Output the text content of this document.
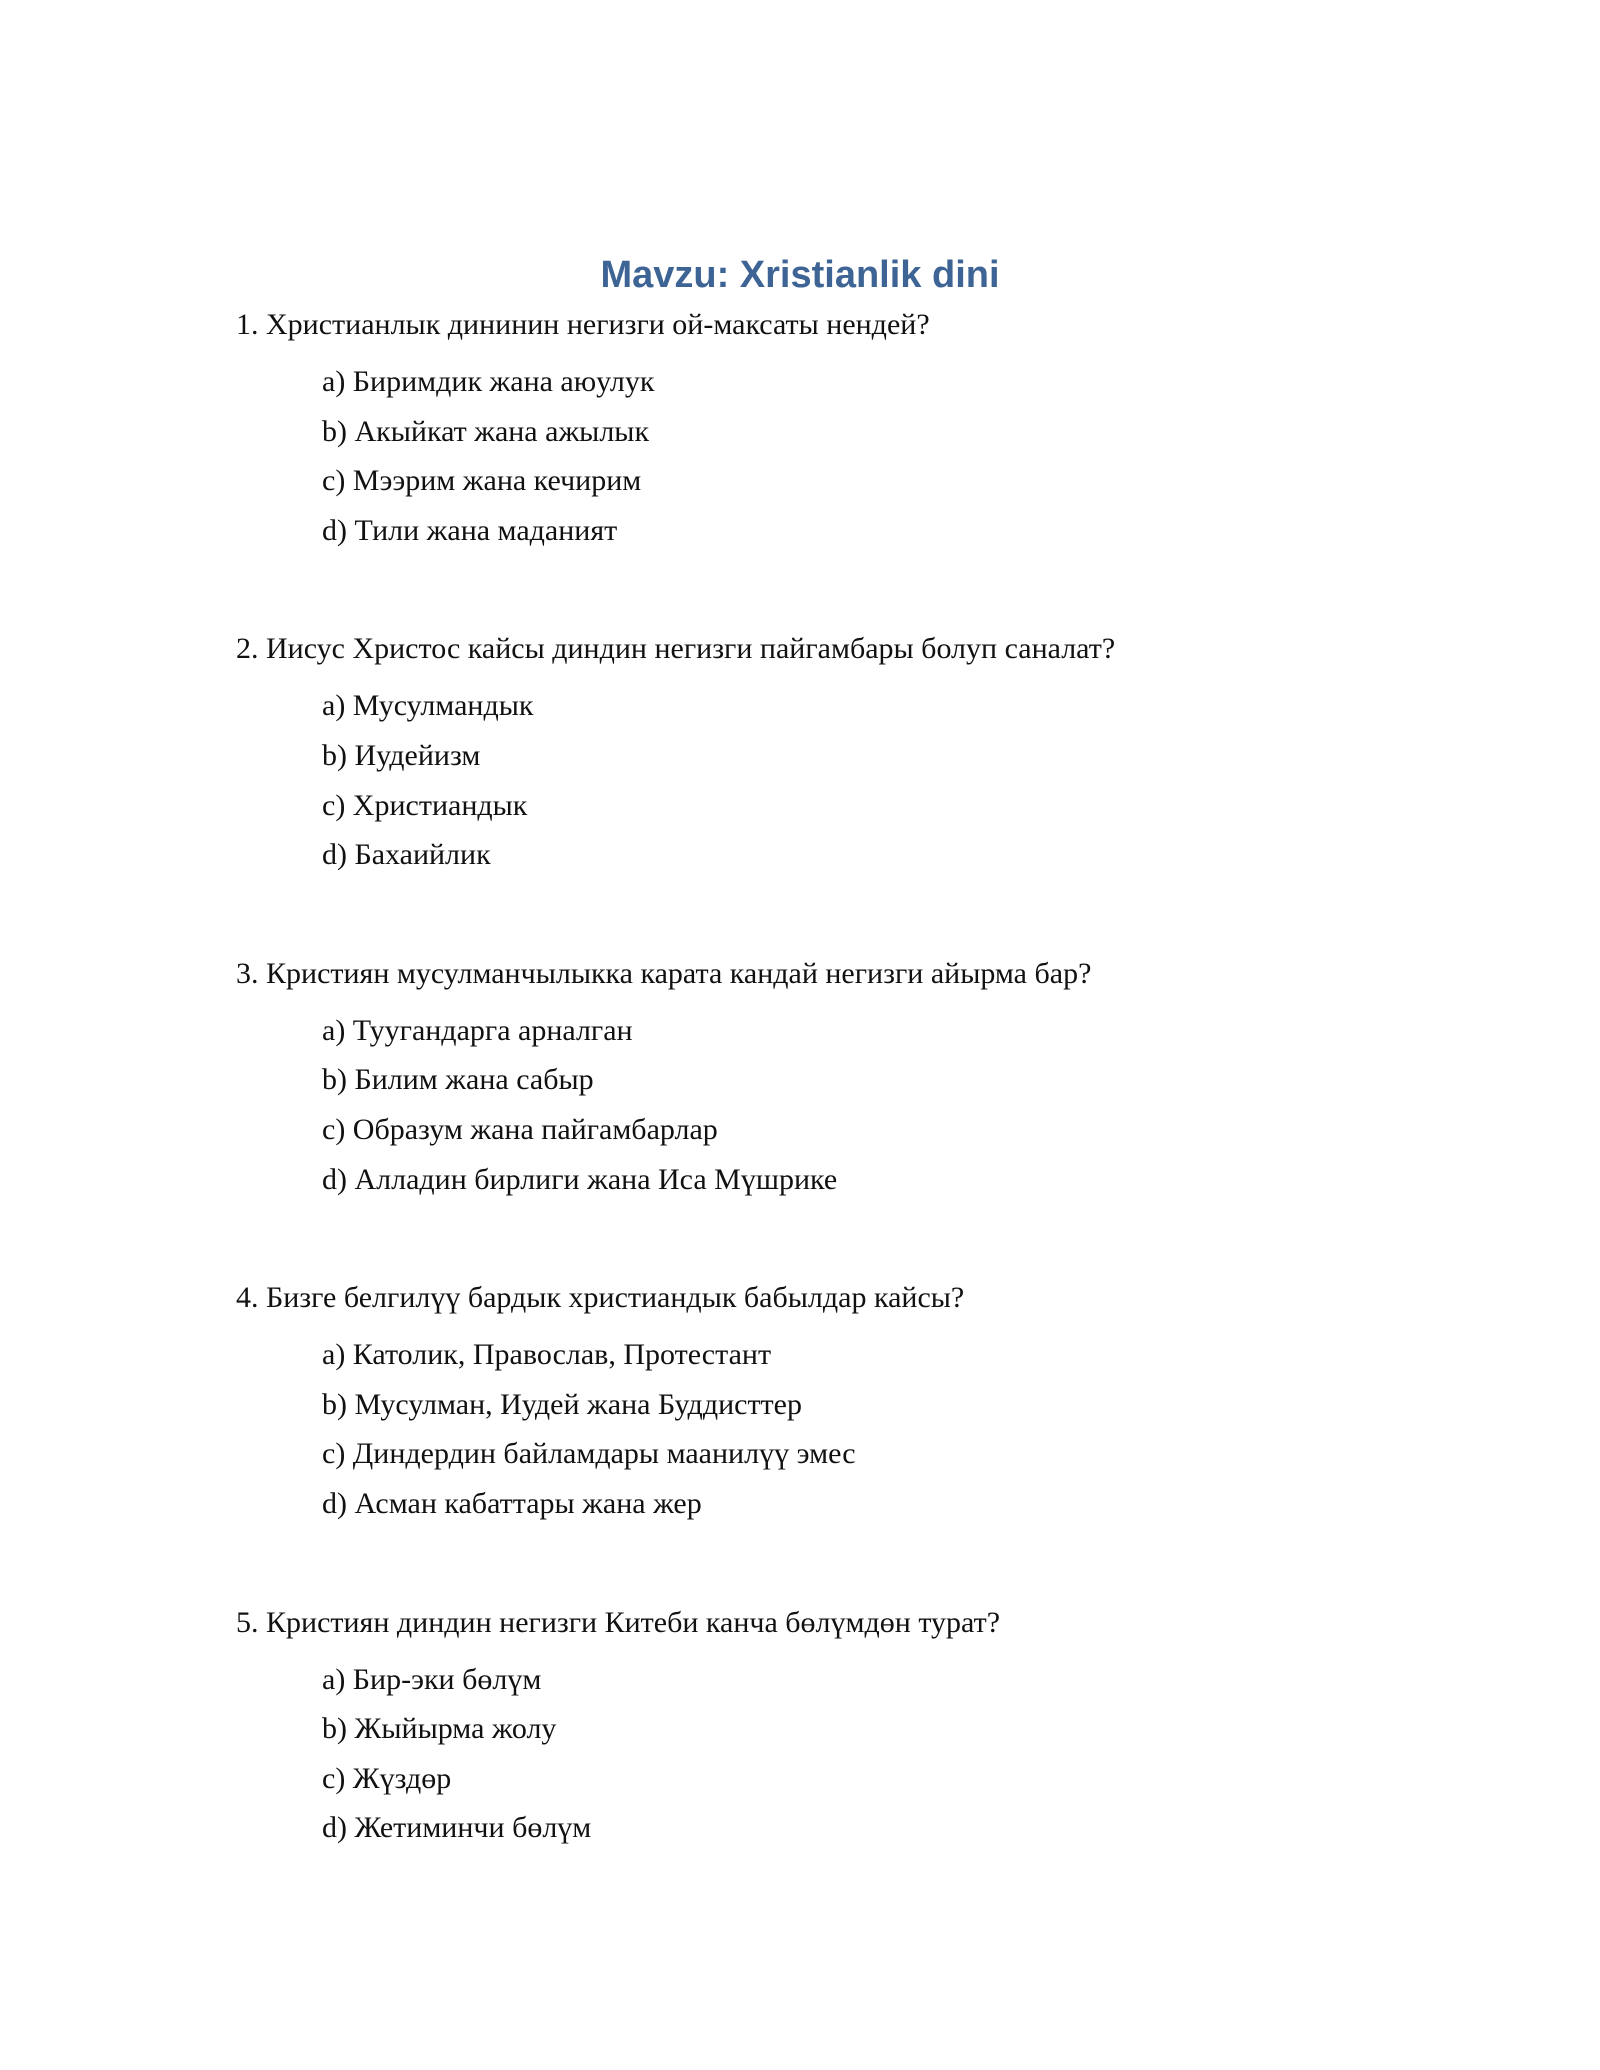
Mavzu: Xristianlik dini

1. Христианлык дининин негизги ой-максаты нендей?

a) Биримдик жана аюулук
b) Акыйкат жана ажылык
c) Мээрим жана кечирим
d) Тили жана маданият

2. Иисус Христос кайсы диндин негизги пайгамбары болуп саналат?

a) Мусулмандык
b) Иудейизм
c) Христиандык
d) Бахаийлик

3. Кристиян мусулманчылыкка карата кандай негизги айырма бар?

a) Туугандарга арналган
b) Билим жана сабыр
c) Образум жана пайгамбарлар
d) Алладин бирлиги жана Иса Мүшрике

4. Бизге белгилүү бардык христиандык бабылдар кайсы?

a) Католик, Православ, Протестант
b) Мусулман, Иудей жана Буддисттер
c) Диндердин байламдары маанилүү эмес
d) Асман кабаттары жана жер

5. Кристиян диндин негизги Китеби канча бөлүмдөн турат?

a) Бир-эки бөлүм
b) Жыйырма жолу
c) Жүздөр
d) Жетиминчи бөлүм
